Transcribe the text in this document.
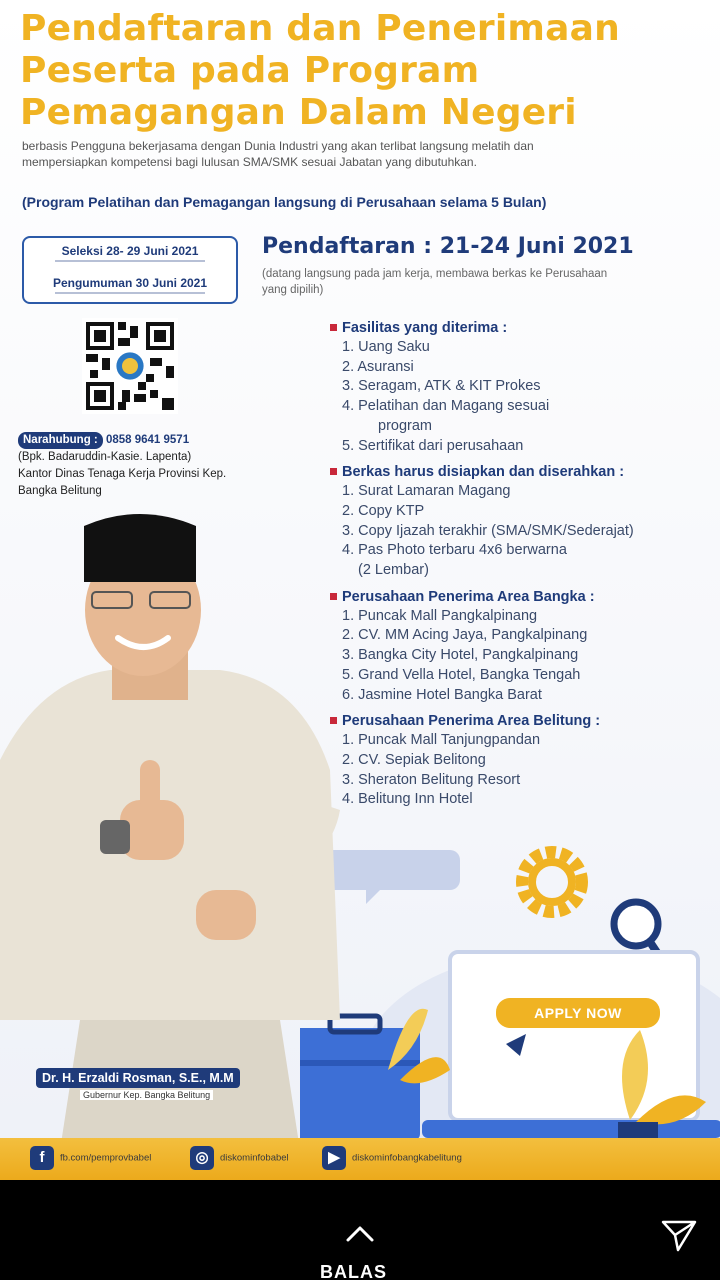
Pendaftaran dan Penerimaan Peserta pada Program Pemagangan Dalam Negeri
berbasis Pengguna bekerjasama dengan Dunia Industri yang akan terlibat langsung melatih dan mempersiapkan kompetensi bagi lulusan SMA/SMK sesuai Jabatan yang dibutuhkan.
(Program Pelatihan dan Pemagangan langsung di Perusahaan selama 5 Bulan)
Seleksi 28- 29 Juni 2021
Pengumuman 30 Juni 2021
Pendaftaran : 21-24 Juni 2021
(datang langsung pada jam kerja, membawa berkas ke Perusahaan yang dipilih)
Narahubung : 0858 9641 9571
(Bpk. Badaruddin-Kasie. Lapenta)
Kantor Dinas Tenaga Kerja Provinsi Kep. Bangka Belitung
Fasilitas yang diterima :
1. Uang Saku
2. Asuransi
3. Seragam, ATK & KIT Prokes
4. Pelatihan dan Magang sesuai
program
5. Sertifikat dari perusahaan
Berkas harus disiapkan dan diserahkan :
1. Surat Lamaran Magang
2. Copy KTP
3. Copy Ijazah terakhir (SMA/SMK/Sederajat)
4. Pas Photo terbaru 4x6 berwarna
(2 Lembar)
Perusahaan Penerima Area Bangka :
1. Puncak Mall Pangkalpinang
2. CV. MM Acing Jaya, Pangkalpinang
3. Bangka City Hotel, Pangkalpinang
5. Grand Vella Hotel, Bangka Tengah
6. Jasmine Hotel Bangka Barat
Perusahaan Penerima Area Belitung :
1. Puncak Mall Tanjungpandan
2. CV. Sepiak Belitong
3. Sheraton Belitung Resort
4. Belitung Inn Hotel
APPLY NOW
Dr. H. Erzaldi Rosman, S.E., M.M
Gubernur Kep. Bangka Belitung
f fb.com/pemprovbabel	◎ diskominfobabel	▶ diskominfobangkabelitung
BALAS
